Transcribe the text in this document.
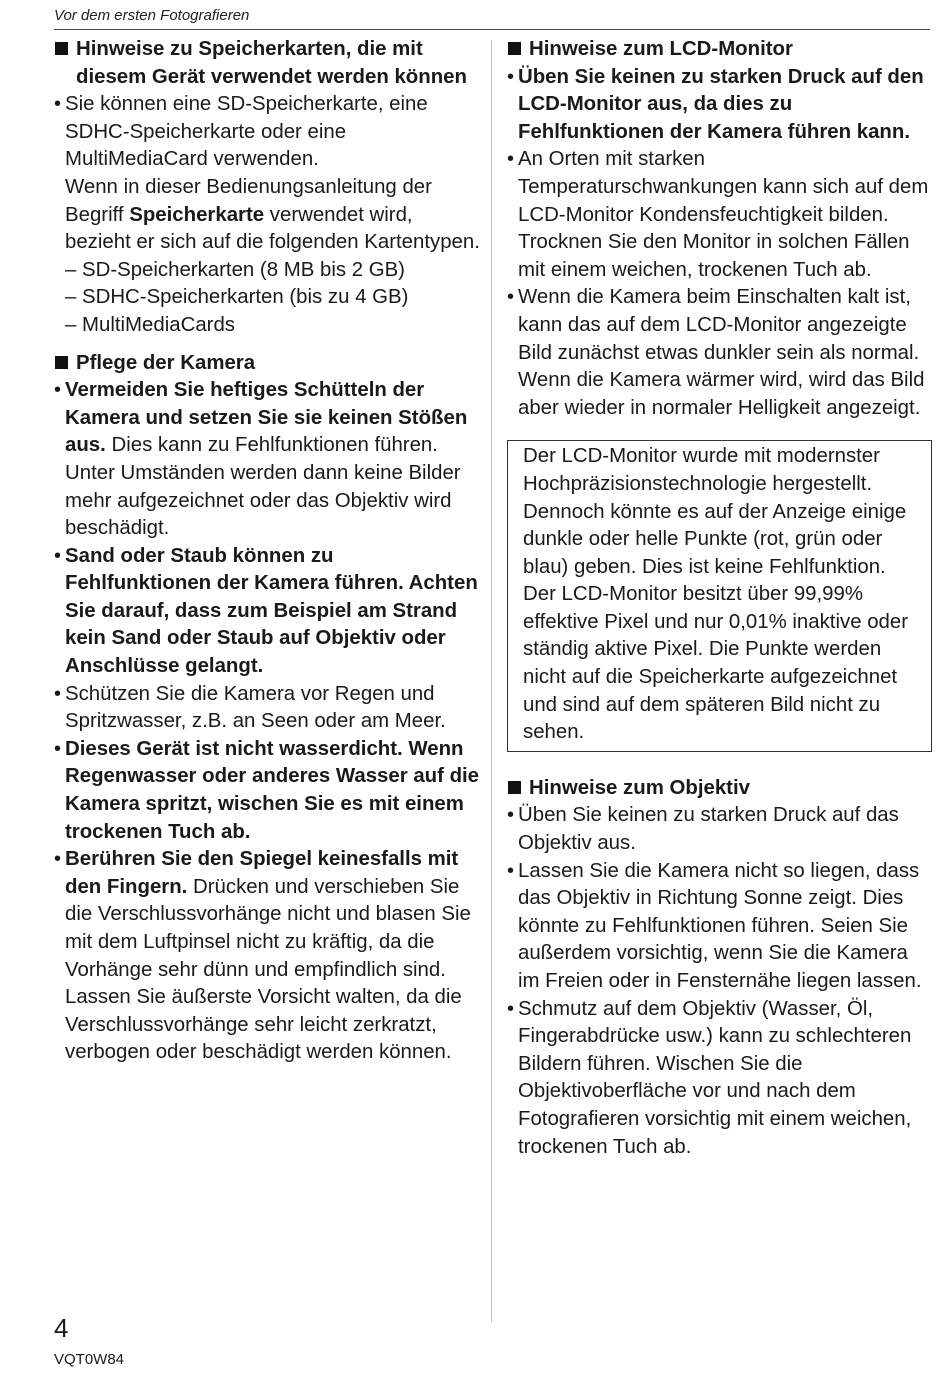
Vor dem ersten Fotografieren
Hinweise zu Speicherkarten, die mit diesem Gerät verwendet werden können
• Sie können eine SD-Speicherkarte, eine SDHC-Speicherkarte oder eine MultiMediaCard verwenden.
Wenn in dieser Bedienungsanleitung der Begriff Speicherkarte verwendet wird, bezieht er sich auf die folgenden Kartentypen.
– SD-Speicherkarten (8 MB bis 2 GB)
– SDHC-Speicherkarten (bis zu 4 GB)
– MultiMediaCards
Pflege der Kamera
• Vermeiden Sie heftiges Schütteln der Kamera und setzen Sie sie keinen Stößen aus. Dies kann zu Fehlfunktionen führen. Unter Umständen werden dann keine Bilder mehr aufgezeichnet oder das Objektiv wird beschädigt.
• Sand oder Staub können zu Fehlfunktionen der Kamera führen. Achten Sie darauf, dass zum Beispiel am Strand kein Sand oder Staub auf Objektiv oder Anschlüsse gelangt.
• Schützen Sie die Kamera vor Regen und Spritzwasser, z.B. an Seen oder am Meer.
• Dieses Gerät ist nicht wasserdicht. Wenn Regenwasser oder anderes Wasser auf die Kamera spritzt, wischen Sie es mit einem trockenen Tuch ab.
• Berühren Sie den Spiegel keinesfalls mit den Fingern. Drücken und verschieben Sie die Verschlussvorhänge nicht und blasen Sie mit dem Luftpinsel nicht zu kräftig, da die Vorhänge sehr dünn und empfindlich sind. Lassen Sie äußerste Vorsicht walten, da die Verschlussvorhänge sehr leicht zerkratzt, verbogen oder beschädigt werden können.
Hinweise zum LCD-Monitor
• Üben Sie keinen zu starken Druck auf den LCD-Monitor aus, da dies zu Fehlfunktionen der Kamera führen kann.
• An Orten mit starken Temperaturschwankungen kann sich auf dem LCD-Monitor Kondensfeuchtigkeit bilden. Trocknen Sie den Monitor in solchen Fällen mit einem weichen, trockenen Tuch ab.
• Wenn die Kamera beim Einschalten kalt ist, kann das auf dem LCD-Monitor angezeigte Bild zunächst etwas dunkler sein als normal. Wenn die Kamera wärmer wird, wird das Bild aber wieder in normaler Helligkeit angezeigt.
Der LCD-Monitor wurde mit modernster Hochpräzisionstechnologie hergestellt. Dennoch könnte es auf der Anzeige einige dunkle oder helle Punkte (rot, grün oder blau) geben. Dies ist keine Fehlfunktion. Der LCD-Monitor besitzt über 99,99% effektive Pixel und nur 0,01% inaktive oder ständig aktive Pixel. Die Punkte werden nicht auf die Speicherkarte aufgezeichnet und sind auf dem späteren Bild nicht zu sehen.
Hinweise zum Objektiv
• Üben Sie keinen zu starken Druck auf das Objektiv aus.
• Lassen Sie die Kamera nicht so liegen, dass das Objektiv in Richtung Sonne zeigt. Dies könnte zu Fehlfunktionen führen. Seien Sie außerdem vorsichtig, wenn Sie die Kamera im Freien oder in Fensternähe liegen lassen.
• Schmutz auf dem Objektiv (Wasser, Öl, Fingerabdrücke usw.) kann zu schlechteren Bildern führen. Wischen Sie die Objektivoberfläche vor und nach dem Fotografieren vorsichtig mit einem weichen, trockenen Tuch ab.
4
VQT0W84
